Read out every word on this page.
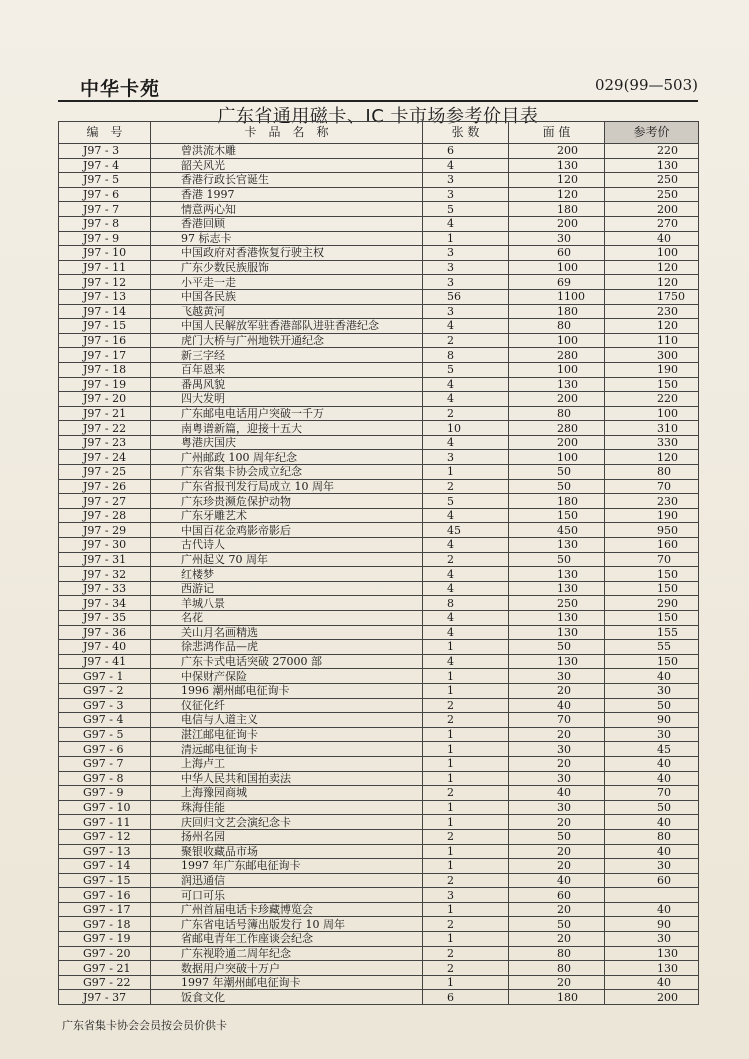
中华卡苑	029(99—503)
广东省通用磁卡、IC 卡市场参考价目表
编　号	卡　品　名　称	张 数	面 值	参考价
J97 - 3	曾洪流木雕	6	200	220
J97 - 4	韶关风光	4	130	130
J97 - 5	香港行政长官诞生	3	120	250
J97 - 6	香港 1997	3	120	250
J97 - 7	情意两心知	5	180	200
J97 - 8	香港回顾	4	200	270
J97 - 9	97 标志卡	1	30	40
J97 - 10	中国政府对香港恢复行驶主权	3	60	100
J97 - 11	广东少数民族服饰	3	100	120
J97 - 12	小平走一走	3	69	120
J97 - 13	中国各民族	56	1100	1750
J97 - 14	飞越黄河	3	180	230
J97 - 15	中国人民解放军驻香港部队进驻香港纪念	4	80	120
J97 - 16	虎门大桥与广州地铁开通纪念	2	100	110
J97 - 17	新三字经	8	280	300
J97 - 18	百年恩来	5	100	190
J97 - 19	番禺风貌	4	130	150
J97 - 20	四大发明	4	200	220
J97 - 21	广东邮电电话用户突破一千万	2	80	100
J97 - 22	南粤谱新篇，迎接十五大	10	280	310
J97 - 23	粤港庆国庆	4	200	330
J97 - 24	广州邮政 100 周年纪念	3	100	120
J97 - 25	广东省集卡协会成立纪念	1	50	80
J97 - 26	广东省报刊发行局成立 10 周年	2	50	70
J97 - 27	广东珍贵濒危保护动物	5	180	230
J97 - 28	广东牙雕艺术	4	150	190
J97 - 29	中国百花金鸡影帝影后	45	450	950
J97 - 30	古代诗人	4	130	160
J97 - 31	广州起义 70 周年	2	50	70
J97 - 32	红楼梦	4	130	150
J97 - 33	西游记	4	130	150
J97 - 34	羊城八景	8	250	290
J97 - 35	名花	4	130	150
J97 - 36	关山月名画精选	4	130	155
J97 - 40	徐悲鸿作品—虎	1	50	55
J97 - 41	广东卡式电话突破 27000 部	4	130	150
G97 - 1	中保财产保险	1	30	40
G97 - 2	1996 潮州邮电征询卡	1	20	30
G97 - 3	仪征化纤	2	40	50
G97 - 4	电信与人道主义	2	70	90
G97 - 5	湛江邮电征询卡	1	20	30
G97 - 6	清远邮电征询卡	1	30	45
G97 - 7	上海卢工	1	20	40
G97 - 8	中华人民共和国拍卖法	1	30	40
G97 - 9	上海豫园商城	2	40	70
G97 - 10	珠海佳能	1	30	50
G97 - 11	庆回归文艺会演纪念卡	1	20	40
G97 - 12	扬州名园	2	50	80
G97 - 13	聚银收藏品市场	1	20	40
G97 - 14	1997 年广东邮电征询卡	1	20	30
G97 - 15	润迅通信	2	40	60
G97 - 16	可口可乐	3	60	
G97 - 17	广州首届电话卡珍藏博览会	1	20	40
G97 - 18	广东省电话号簿出版发行 10 周年	2	50	90
G97 - 19	省邮电青年工作座谈会纪念	1	20	30
G97 - 20	广东视聆通二周年纪念	2	80	130
G97 - 21	数据用户突破十万户	2	80	130
G97 - 22	1997 年潮州邮电征询卡	1	20	40
J97 - 37	饭食文化	6	180	200
广东省集卡协会会员按会员价供卡
